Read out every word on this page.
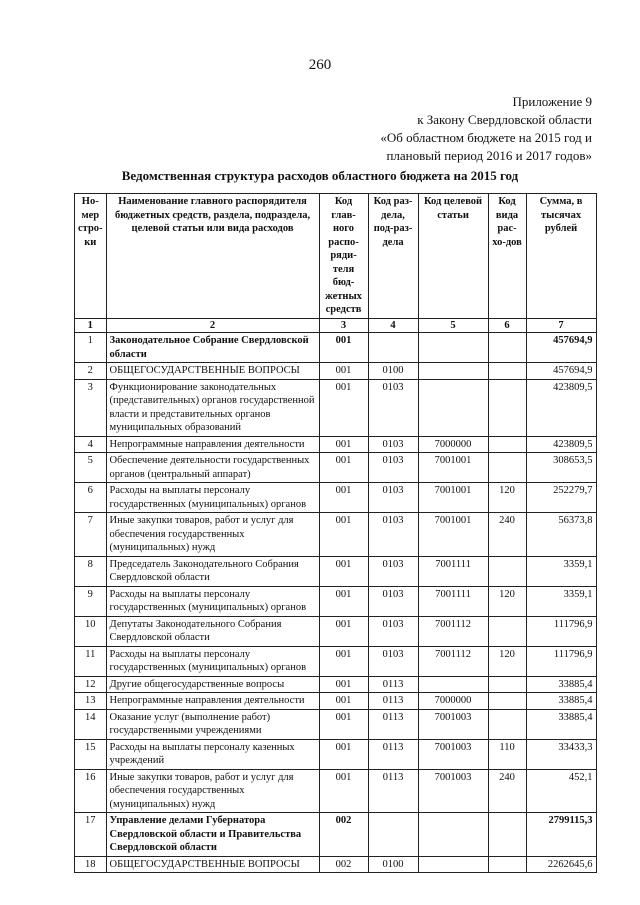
260
Приложение 9
к Закону Свердловской области
«Об областном бюджете на 2015 год и
плановый период 2016 и 2017 годов»
Ведомственная структура расходов областного бюджета на 2015 год
Но-мер стро-ки	Наименование главного распорядителя бюджетных средств, раздела, подраздела, целевой статьи или вида расходов	Код глав-ного распо-ряди-теля бюд-жетных средств	Код раз-дела, под-раз-дела	Код целевой статьи	Код вида рас-хо-дов	Сумма, в тысячах рублей
1	2	3	4	5	6	7
1	Законодательное Собрание Свердловской области	001				457694,9
2	ОБЩЕГОСУДАРСТВЕННЫЕ ВОПРОСЫ	001	0100			457694,9
3	Функционирование законодательных (представительных) органов государственной власти и представительных органов муниципальных образований	001	0103			423809,5
4	Непрограммные направления деятельности	001	0103	7000000		423809,5
5	Обеспечение деятельности государственных органов (центральный аппарат)	001	0103	7001001		308653,5
6	Расходы на выплаты персоналу государственных (муниципальных) органов	001	0103	7001001	120	252279,7
7	Иные закупки товаров, работ и услуг для обеспечения государственных (муниципальных) нужд	001	0103	7001001	240	56373,8
8	Председатель Законодательного Собрания Свердловской области	001	0103	7001111		3359,1
9	Расходы на выплаты персоналу государственных (муниципальных) органов	001	0103	7001111	120	3359,1
10	Депутаты Законодательного Собрания Свердловской области	001	0103	7001112		111796,9
11	Расходы на выплаты персоналу государственных (муниципальных) органов	001	0103	7001112	120	111796,9
12	Другие общегосударственные вопросы	001	0113			33885,4
13	Непрограммные направления деятельности	001	0113	7000000		33885,4
14	Оказание услуг (выполнение работ) государственными учреждениями	001	0113	7001003		33885,4
15	Расходы на выплаты персоналу казенных учреждений	001	0113	7001003	110	33433,3
16	Иные закупки товаров, работ и услуг для обеспечения государственных (муниципальных) нужд	001	0113	7001003	240	452,1
17	Управление делами Губернатора Свердловской области и Правительства Свердловской области	002				2799115,3
18	ОБЩЕГОСУДАРСТВЕННЫЕ ВОПРОСЫ	002	0100			2262645,6
